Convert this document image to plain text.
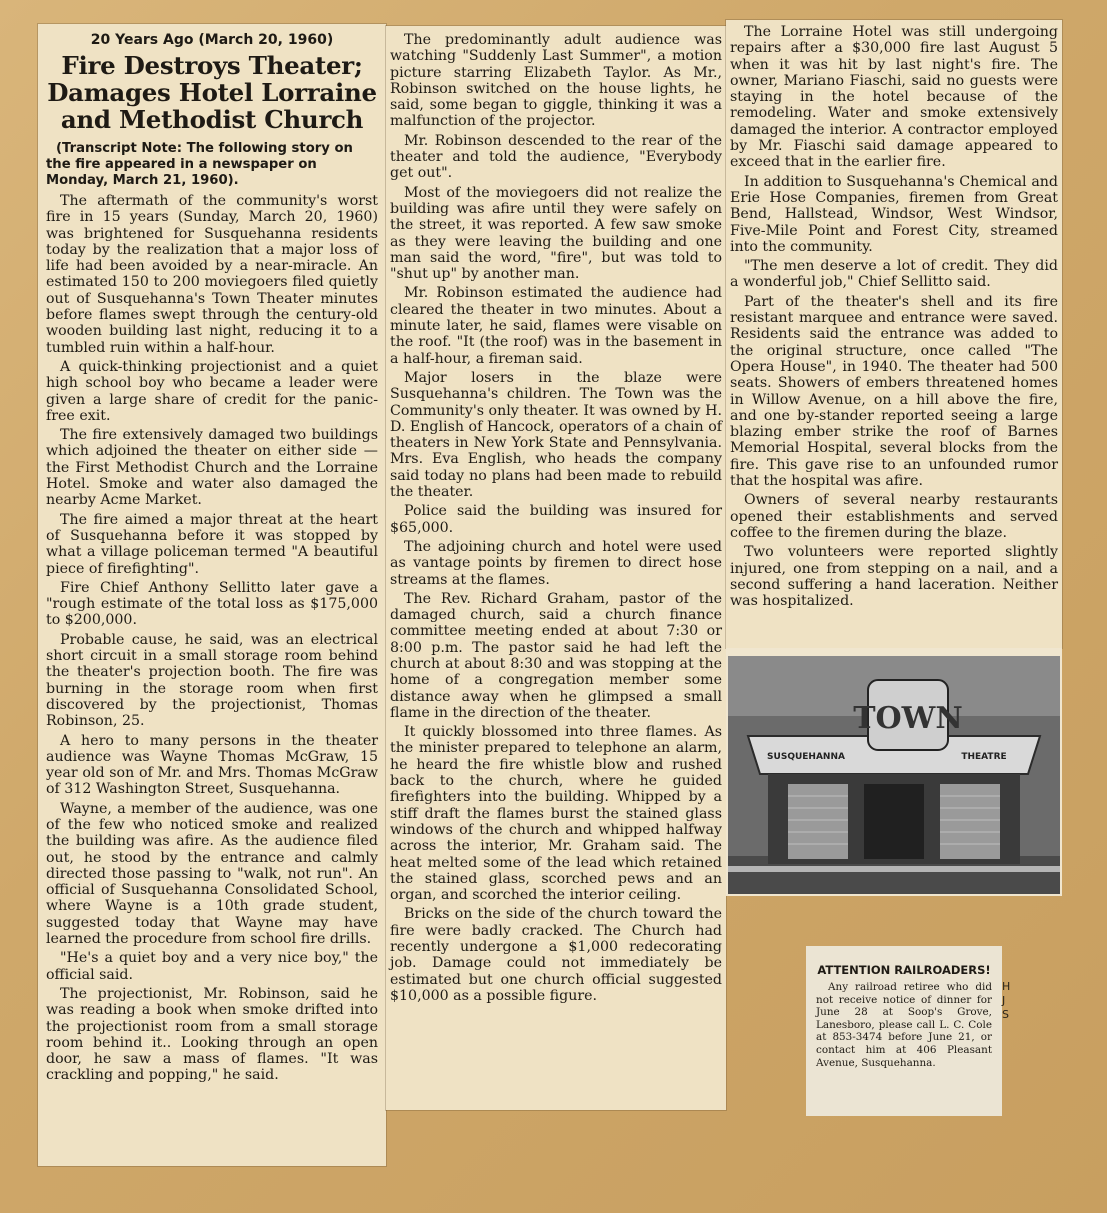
20 Years Ago (March 20, 1960)
Fire Destroys Theater; Damages Hotel Lorraine and Methodist Church
(Transcript Note: The following story on the fire appeared in a newspaper on Monday, March 21, 1960).

The aftermath of the community's worst fire in 15 years (Sunday, March 20, 1960) was brightened for Susquehanna residents today by the realization that a major loss of life had been avoided by a near-miracle. An estimated 150 to 200 moviegoers filed quietly out of Susquehanna's Town Theater minutes before flames swept through the century-old wooden building last night, reducing it to a tumbled ruin within a half-hour.

A quick-thinking projectionist and a quiet high school boy who became a leader were given a large share of credit for the panic-free exit.

The fire extensively damaged two buildings which adjoined the theater on either side — the First Methodist Church and the Lorraine Hotel. Smoke and water also damaged the nearby Acme Market.

The fire aimed a major threat at the heart of Susquehanna before it was stopped by what a village policeman termed "A beautiful piece of firefighting".

Fire Chief Anthony Sellitto later gave a "rough estimate of the total loss as $175,000 to $200,000.

Probable cause, he said, was an electrical short circuit in a small storage room behind the theater's projection booth. The fire was burning in the storage room when first discovered by the projectionist, Thomas Robinson, 25.

A hero to many persons in the theater audience was Wayne Thomas McGraw, 15 year old son of Mr. and Mrs. Thomas McGraw of 312 Washington Street, Susquehanna.

Wayne, a member of the audience, was one of the few who noticed smoke and realized the building was afire. As the audience filed out, he stood by the entrance and calmly directed those passing to "walk, not run". An official of Susquehanna Consolidated School, where Wayne is a 10th grade student, suggested today that Wayne may have learned the procedure from school fire drills.

"He's a quiet boy and a very nice boy," the official said.

The projectionist, Mr. Robinson, said he was reading a book when smoke drifted into the projectionist room from a small storage room behind it.. Looking through an open door, he saw a mass of flames. "It was crackling and popping," he said.

The predominantly adult audience was watching "Suddenly Last Summer", a motion picture starring Elizabeth Taylor. As Mr., Robinson switched on the house lights, he said, some began to giggle, thinking it was a malfunction of the projector.

Mr. Robinson descended to the rear of the theater and told the audience, "Everybody get out".

Most of the moviegoers did not realize the building was afire until they were safely on the street, it was reported. A few saw smoke as they were leaving the building and one man said the word, "fire", but was told to "shut up" by another man.

Mr. Robinson estimated the audience had cleared the theater in two minutes. About a minute later, he said, flames were visable on the roof. "It (the roof) was in the basement in a half-hour, a fireman said.

Major losers in the blaze were Susquehanna's children. The Town was the Community's only theater. It was owned by H. D. English of Hancock, operators of a chain of theaters in New York State and Pennsylvania. Mrs. Eva English, who heads the company said today no plans had been made to rebuild the theater.

Police said the building was insured for $65,000.

The adjoining church and hotel were used as vantage points by firemen to direct hose streams at the flames.

The Rev. Richard Graham, pastor of the damaged church, said a church finance committee meeting ended at about 7:30 or 8:00 p.m. The pastor said he had left the church at about 8:30 and was stopping at the home of a congregation member some distance away when he glimpsed a small flame in the direction of the theater.

It quickly blossomed into three flames. As the minister prepared to telephone an alarm, he heard the fire whistle blow and rushed back to the church, where he guided firefighters into the building. Whipped by a stiff draft the flames burst the stained glass windows of the church and whipped halfway across the interior, Mr. Graham said. The heat melted some of the lead which retained the stained glass, scorched pews and an organ, and scorched the interior ceiling.

Bricks on the side of the church toward the fire were badly cracked. The Church had recently undergone a $1,000 redecorating job. Damage could not immediately be estimated but one church official suggested $10,000 as a possible figure.

The Lorraine Hotel was still undergoing repairs after a $30,000 fire last August 5 when it was hit by last night's fire. The owner, Mariano Fiaschi, said no guests were staying in the hotel because of the remodeling. Water and smoke extensively damaged the interior. A contractor employed by Mr. Fiaschi said damage appeared to exceed that in the earlier fire.

In addition to Susquehanna's Chemical and Erie Hose Companies, firemen from Great Bend, Hallstead, Windsor, West Windsor, Five-Mile Point and Forest City, streamed into the community.

"The men deserve a lot of credit. They did a wonderful job," Chief Sellitto said.

Part of the theater's shell and its fire resistant marquee and entrance were saved. Residents said the entrance was added to the original structure, once called "The Opera House", in 1940. The theater had 500 seats. Showers of embers threatened homes in Willow Avenue, on a hill above the fire, and one by-stander reported seeing a large blazing ember strike the roof of Barnes Memorial Hospital, several blocks from the fire. This gave rise to an unfounded rumor that the hospital was afire.

Owners of several nearby restaurants opened their establishments and served coffee to the firemen during the blaze.

Two volunteers were reported slightly injured, one from stepping on a nail, and a second suffering a hand laceration. Neither was hospitalized.

TOWN
SUSQUEHANNA	THEATRE
ATTENTION RAILROADERS!

Any railroad retiree who did not receive notice of dinner for June 28 at Soop's Grove, Lanesboro, please call L. C. Cole at 853-3474 before June 21, or contact him at 406 Pleasant Avenue, Susquehanna.

H J S
